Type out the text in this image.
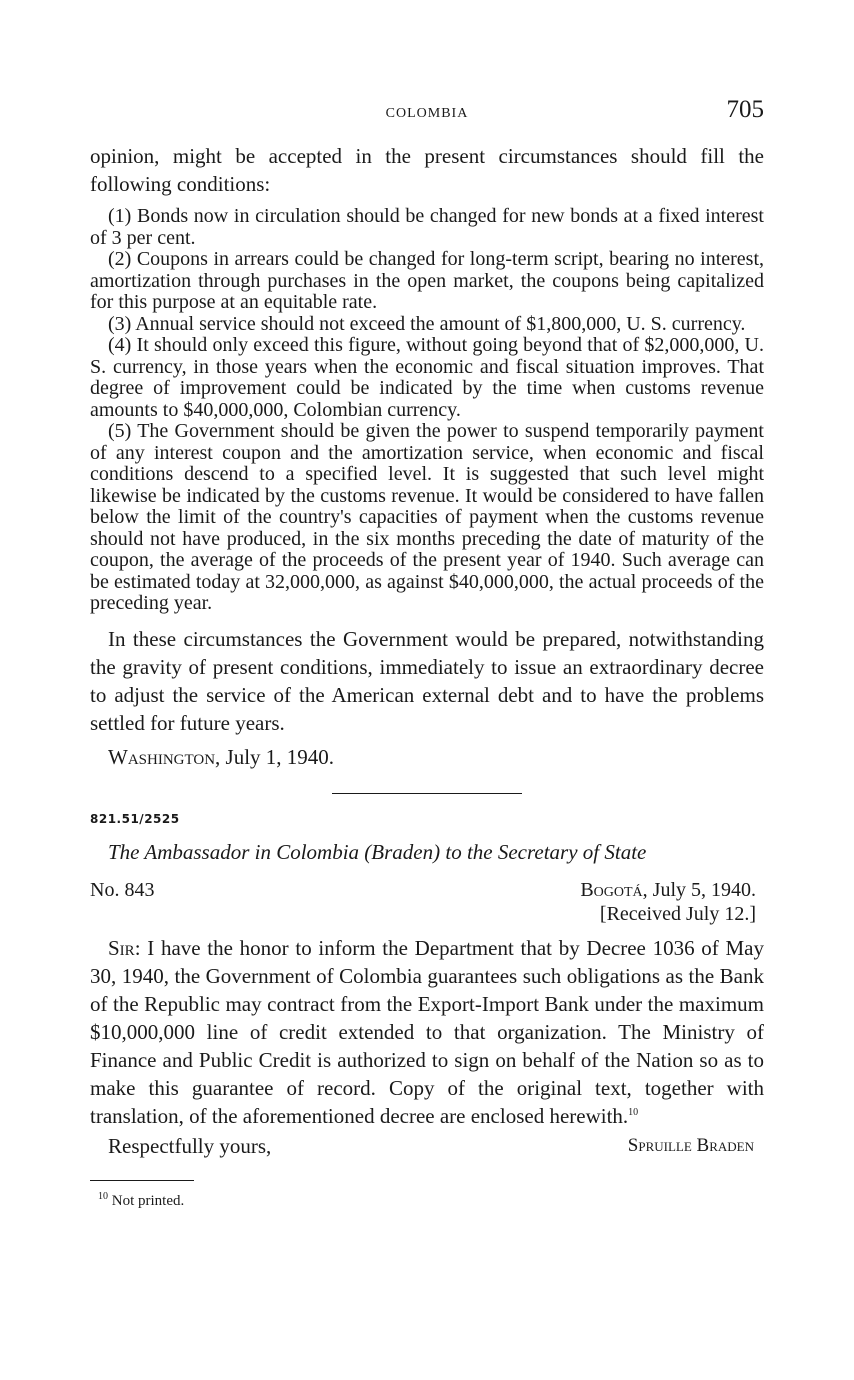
COLOMBIA	705

opinion, might be accepted in the present circumstances should fill the following conditions:

(1) Bonds now in circulation should be changed for new bonds at a fixed interest of 3 per cent.

(2) Coupons in arrears could be changed for long-term script, bearing no interest, amortization through purchases in the open market, the coupons being capitalized for this purpose at an equitable rate.

(3) Annual service should not exceed the amount of $1,800,000, U. S. currency.

(4) It should only exceed this figure, without going beyond that of $2,000,000, U. S. currency, in those years when the economic and fiscal situation improves. That degree of improvement could be indicated by the time when customs revenue amounts to $40,000,000, Colombian currency.

(5) The Government should be given the power to suspend temporarily payment of any interest coupon and the amortization service, when economic and fiscal conditions descend to a specified level. It is suggested that such level might likewise be indicated by the customs revenue. It would be considered to have fallen below the limit of the country's capacities of payment when the customs revenue should not have produced, in the six months preceding the date of maturity of the coupon, the average of the proceeds of the present year of 1940. Such average can be estimated today at 32,000,000, as against $40,000,000, the actual proceeds of the preceding year.

In these circumstances the Government would be prepared, notwithstanding the gravity of present conditions, immediately to issue an extraordinary decree to adjust the service of the American external debt and to have the problems settled for future years.

Washington, July 1, 1940.

821.51/2525

The Ambassador in Colombia (Braden) to the Secretary of State

No. 843	Bogotá, July 5, 1940.
[Received July 12.]

Sir: I have the honor to inform the Department that by Decree 1036 of May 30, 1940, the Government of Colombia guarantees such obligations as the Bank of the Republic may contract from the Export-Import Bank under the maximum $10,000,000 line of credit extended to that organization. The Ministry of Finance and Public Credit is authorized to sign on behalf of the Nation so as to make this guarantee of record. Copy of the original text, together with translation, of the aforementioned decree are enclosed herewith.$^{10}$

Respectfully yours,	Spruille Braden

$^{10}$ Not printed.
